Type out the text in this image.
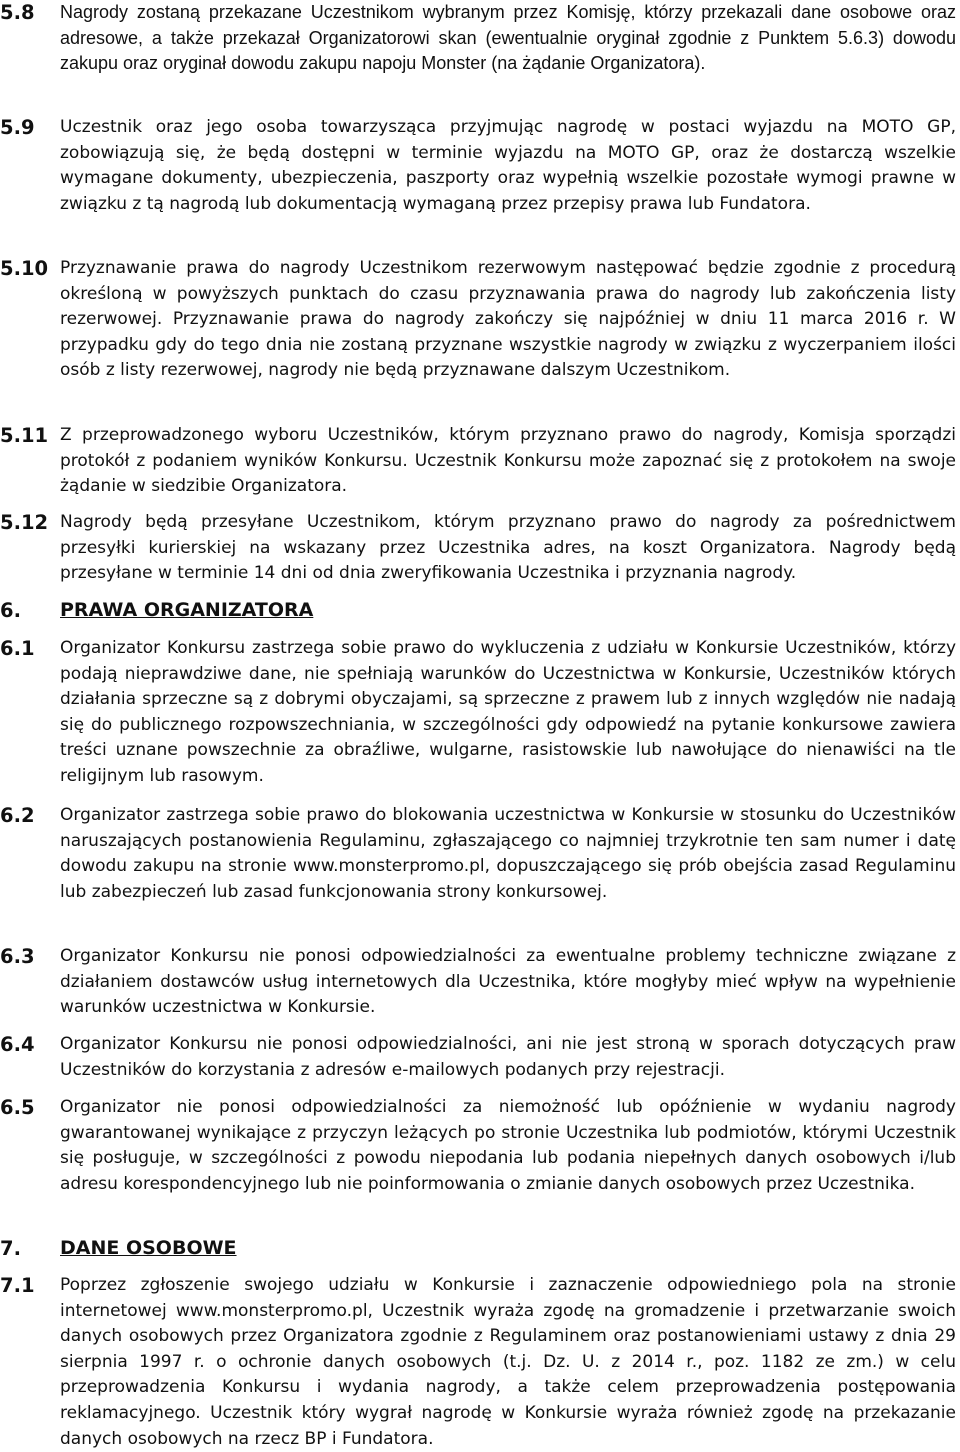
5.8 Nagrody zostaną przekazane Uczestnikom wybranym przez Komisję, którzy przekazali dane osobowe oraz adresowe, a także przekazał Organizatorowi skan (ewentualnie oryginał zgodnie z Punktem 5.6.3) dowodu zakupu oraz oryginał dowodu zakupu napoju Monster (na żądanie Organizatora).
5.9 Uczestnik oraz jego osoba towarzysząca przyjmując nagrodę w postaci wyjazdu na MOTO GP, zobowiązują się, że będą dostępni w terminie wyjazdu na MOTO GP, oraz że dostarczą wszelkie wymagane dokumenty, ubezpieczenia, paszporty oraz wypełnią wszelkie pozostałe wymogi prawne w związku z tą nagrodą lub dokumentacją wymaganą przez przepisy prawa lub Fundatora.
5.10 Przyznawanie prawa do nagrody Uczestnikom rezerwowym następować będzie zgodnie z procedurą określoną w powyższych punktach do czasu przyznawania prawa do nagrody lub zakończenia listy rezerwowej. Przyznawanie prawa do nagrody zakończy się najpóźniej w dniu 11 marca 2016 r. W przypadku gdy do tego dnia nie zostaną przyznane wszystkie nagrody w związku z wyczerpaniem ilości osób z listy rezerwowej, nagrody nie będą przyznawane dalszym Uczestnikom.
5.11 Z przeprowadzonego wyboru Uczestników, którym przyznano prawo do nagrody, Komisja sporządzi protokół z podaniem wyników Konkursu. Uczestnik Konkursu może zapoznać się z protokołem na swoje żądanie w siedzibie Organizatora.
5.12 Nagrody będą przesyłane Uczestnikom, którym przyznano prawo do nagrody za pośrednictwem przesyłki kurierskiej na wskazany przez Uczestnika adres, na koszt Organizatora. Nagrody będą przesyłane w terminie 14 dni od dnia zweryfikowania Uczestnika i przyznania nagrody.
6. PRAWA ORGANIZATORA
6.1 Organizator Konkursu zastrzega sobie prawo do wykluczenia z udziału w Konkursie Uczestników, którzy podają nieprawdziwe dane, nie spełniają warunków do Uczestnictwa w Konkursie, Uczestników których działania sprzeczne są z dobrymi obyczajami, są sprzeczne z prawem lub z innych względów nie nadają się do publicznego rozpowszechniania, w szczególności gdy odpowiedź na pytanie konkursowe zawiera treści uznane powszechnie za obraźliwe, wulgarne, rasistowskie lub nawołujące do nienawiści na tle religijnym lub rasowym.
6.2 Organizator zastrzega sobie prawo do blokowania uczestnictwa w Konkursie w stosunku do Uczestników naruszających postanowienia Regulaminu, zgłaszającego co najmniej trzykrotnie ten sam numer i datę dowodu zakupu na stronie www.monsterpromo.pl, dopuszczającego się prób obejścia zasad Regulaminu lub zabezpieczeń lub zasad funkcjonowania strony konkursowej.
6.3 Organizator Konkursu nie ponosi odpowiedzialności za ewentualne problemy techniczne związane z działaniem dostawców usług internetowych dla Uczestnika, które mogłyby mieć wpływ na wypełnienie warunków uczestnictwa w Konkursie.
6.4 Organizator Konkursu nie ponosi odpowiedzialności, ani nie jest stroną w sporach dotyczących praw Uczestników do korzystania z adresów e-mailowych podanych przy rejestracji.
6.5 Organizator nie ponosi odpowiedzialności za niemożność lub opóźnienie w wydaniu nagrody gwarantowanej wynikające z przyczyn leżących po stronie Uczestnika lub podmiotów, którymi Uczestnik się posługuje, w szczególności z powodu niepodania lub podania niepełnych danych osobowych i/lub adresu korespondencyjnego lub nie poinformowania o zmianie danych osobowych przez Uczestnika.
7. DANE OSOBOWE
7.1 Poprzez zgłoszenie swojego udziału w Konkursie i zaznaczenie odpowiedniego pola na stronie internetowej www.monsterpromo.pl, Uczestnik wyraża zgodę na gromadzenie i przetwarzanie swoich danych osobowych przez Organizatora zgodnie z Regulaminem oraz postanowieniami ustawy z dnia 29 sierpnia 1997 r. o ochronie danych osobowych (t.j. Dz. U. z 2014 r., poz. 1182 ze zm.) w celu przeprowadzenia Konkursu i wydania nagrody, a także celem przeprowadzenia postępowania reklamacyjnego. Uczestnik który wygrał nagrodę w Konkursie wyraża również zgodę na przekazanie danych osobowych na rzecz BP i Fundatora.
